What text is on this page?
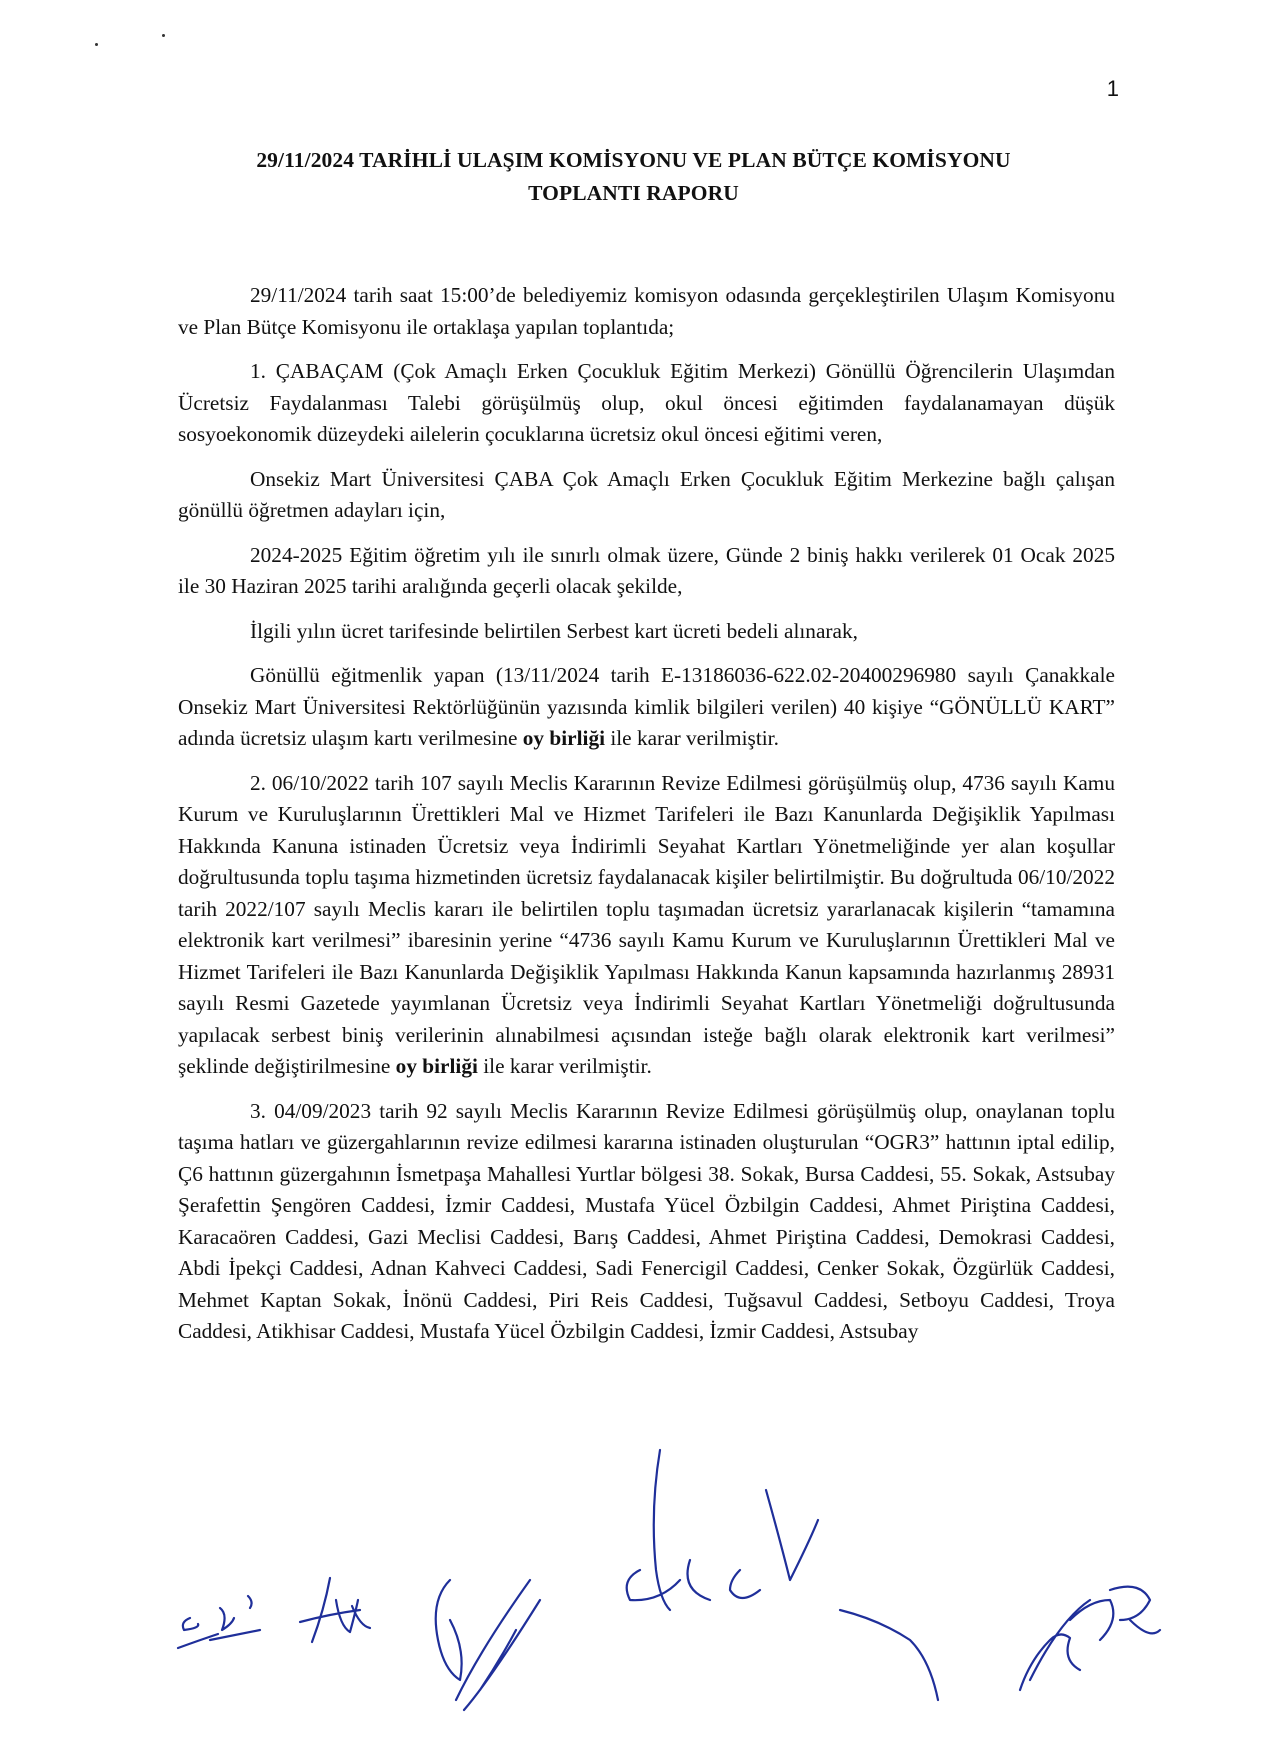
1
29/11/2024 TARİHLİ ULAŞIM KOMİSYONU VE PLAN BÜTÇE KOMİSYONU
TOPLANTI RAPORU

29/11/2024 tarih saat 15:00’de belediyemiz komisyon odasında gerçekleştirilen Ulaşım Komisyonu ve Plan Bütçe Komisyonu ile ortaklaşa yapılan toplantıda;

1. ÇABAÇAM (Çok Amaçlı Erken Çocukluk Eğitim Merkezi) Gönüllü Öğrencilerin Ulaşımdan Ücretsiz Faydalanması Talebi görüşülmüş olup, okul öncesi eğitimden faydalanamayan düşük sosyoekonomik düzeydeki ailelerin çocuklarına ücretsiz okul öncesi eğitimi veren,

Onsekiz Mart Üniversitesi ÇABA Çok Amaçlı Erken Çocukluk Eğitim Merkezine bağlı çalışan gönüllü öğretmen adayları için,

2024-2025 Eğitim öğretim yılı ile sınırlı olmak üzere, Günde 2 biniş hakkı verilerek 01 Ocak 2025 ile 30 Haziran 2025 tarihi aralığında geçerli olacak şekilde,

İlgili yılın ücret tarifesinde belirtilen Serbest kart ücreti bedeli alınarak,

Gönüllü eğitmenlik yapan (13/11/2024 tarih E-13186036-622.02-20400296980 sayılı Çanakkale Onsekiz Mart Üniversitesi Rektörlüğünün yazısında kimlik bilgileri verilen) 40 kişiye “GÖNÜLLÜ KART” adında ücretsiz ulaşım kartı verilmesine oy birliği ile karar verilmiştir.

2. 06/10/2022 tarih 107 sayılı Meclis Kararının Revize Edilmesi görüşülmüş olup, 4736 sayılı Kamu Kurum ve Kuruluşlarının Ürettikleri Mal ve Hizmet Tarifeleri ile Bazı Kanunlarda Değişiklik Yapılması Hakkında Kanuna istinaden Ücretsiz veya İndirimli Seyahat Kartları Yönetmeliğinde yer alan koşullar doğrultusunda toplu taşıma hizmetinden ücretsiz faydalanacak kişiler belirtilmiştir. Bu doğrultuda 06/10/2022 tarih 2022/107 sayılı Meclis kararı ile belirtilen toplu taşımadan ücretsiz yararlanacak kişilerin “tamamına elektronik kart verilmesi” ibaresinin yerine “4736 sayılı Kamu Kurum ve Kuruluşlarının Ürettikleri Mal ve Hizmet Tarifeleri ile Bazı Kanunlarda Değişiklik Yapılması Hakkında Kanun kapsamında hazırlanmış 28931 sayılı Resmi Gazetede yayımlanan Ücretsiz veya İndirimli Seyahat Kartları Yönetmeliği doğrultusunda yapılacak serbest biniş verilerinin alınabilmesi açısından isteğe bağlı olarak elektronik kart verilmesi” şeklinde değiştirilmesine oy birliği ile karar verilmiştir.

3. 04/09/2023 tarih 92 sayılı Meclis Kararının Revize Edilmesi görüşülmüş olup, onaylanan toplu taşıma hatları ve güzergahlarının revize edilmesi kararına istinaden oluşturulan “OGR3” hattının iptal edilip, Ç6 hattının güzergahının İsmetpaşa Mahallesi Yurtlar bölgesi 38. Sokak, Bursa Caddesi, 55. Sokak, Astsubay Şerafettin Şengören Caddesi, İzmir Caddesi, Mustafa Yücel Özbilgin Caddesi, Ahmet Piriştina Caddesi, Karacaören Caddesi, Gazi Meclisi Caddesi, Barış Caddesi, Ahmet Piriştina Caddesi, Demokrasi Caddesi, Abdi İpekçi Caddesi, Adnan Kahveci Caddesi, Sadi Fenercigil Caddesi, Cenker Sokak, Özgürlük Caddesi, Mehmet Kaptan Sokak, İnönü Caddesi, Piri Reis Caddesi, Tuğsavul Caddesi, Setboyu Caddesi, Troya Caddesi, Atikhisar Caddesi, Mustafa Yücel Özbilgin Caddesi, İzmir Caddesi, Astsubay
